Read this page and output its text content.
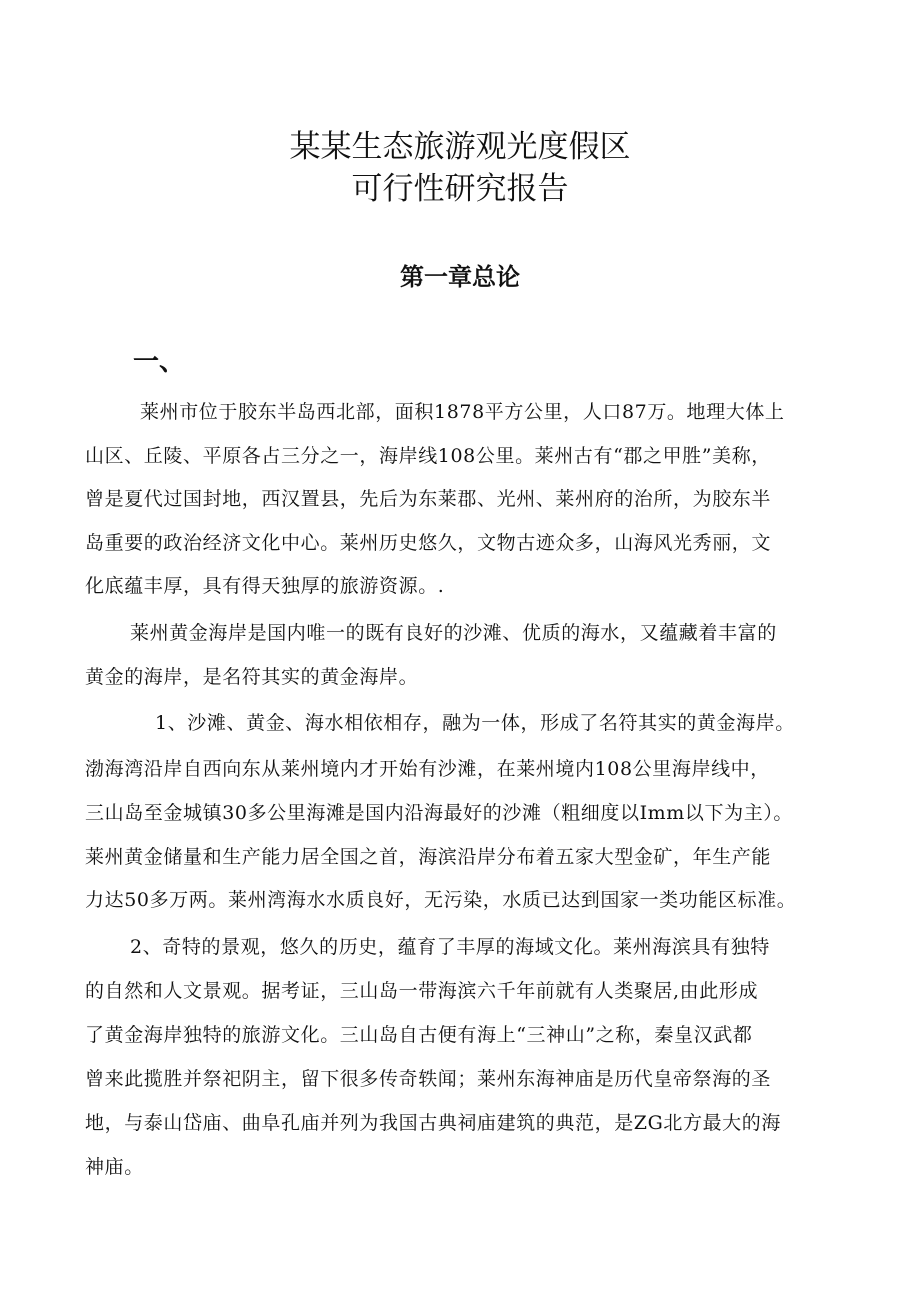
某某生态旅游观光度假区
可行性研究报告
第一章总论
一、
莱州市位于胶东半岛西北部，面积1878平方公里，人口87万。地理大体上
山区、丘陵、平原各占三分之一，海岸线108公里。莱州古有“郡之甲胜”美称，
曾是夏代过国封地，西汉置县，先后为东莱郡、光州、莱州府的治所，为胶东半
岛重要的政治经济文化中心。莱州历史悠久，文物古迹众多，山海风光秀丽，文
化底蕴丰厚，具有得天独厚的旅游资源。.
莱州黄金海岸是国内唯一的既有良好的沙滩、优质的海水，又蕴藏着丰富的
黄金的海岸，是名符其实的黄金海岸。
1、沙滩、黄金、海水相依相存，融为一体，形成了名符其实的黄金海岸。
渤海湾沿岸自西向东从莱州境内才开始有沙滩，在莱州境内108公里海岸线中，
三山岛至金城镇30多公里海滩是国内沿海最好的沙滩（粗细度以Imm以下为主）。
莱州黄金储量和生产能力居全国之首，海滨沿岸分布着五家大型金矿，年生产能
力达50多万两。莱州湾海水水质良好，无污染，水质已达到国家一类功能区标准。
2、奇特的景观，悠久的历史，蕴育了丰厚的海域文化。莱州海滨具有独特
的自然和人文景观。据考证，三山岛一带海滨六千年前就有人类聚居,由此形成
了黄金海岸独特的旅游文化。三山岛自古便有海上“三神山”之称，秦皇汉武都
曾来此揽胜并祭祀阴主，留下很多传奇轶闻；莱州东海神庙是历代皇帝祭海的圣
地，与泰山岱庙、曲阜孔庙并列为我国古典祠庙建筑的典范，是ZG北方最大的海
神庙。
